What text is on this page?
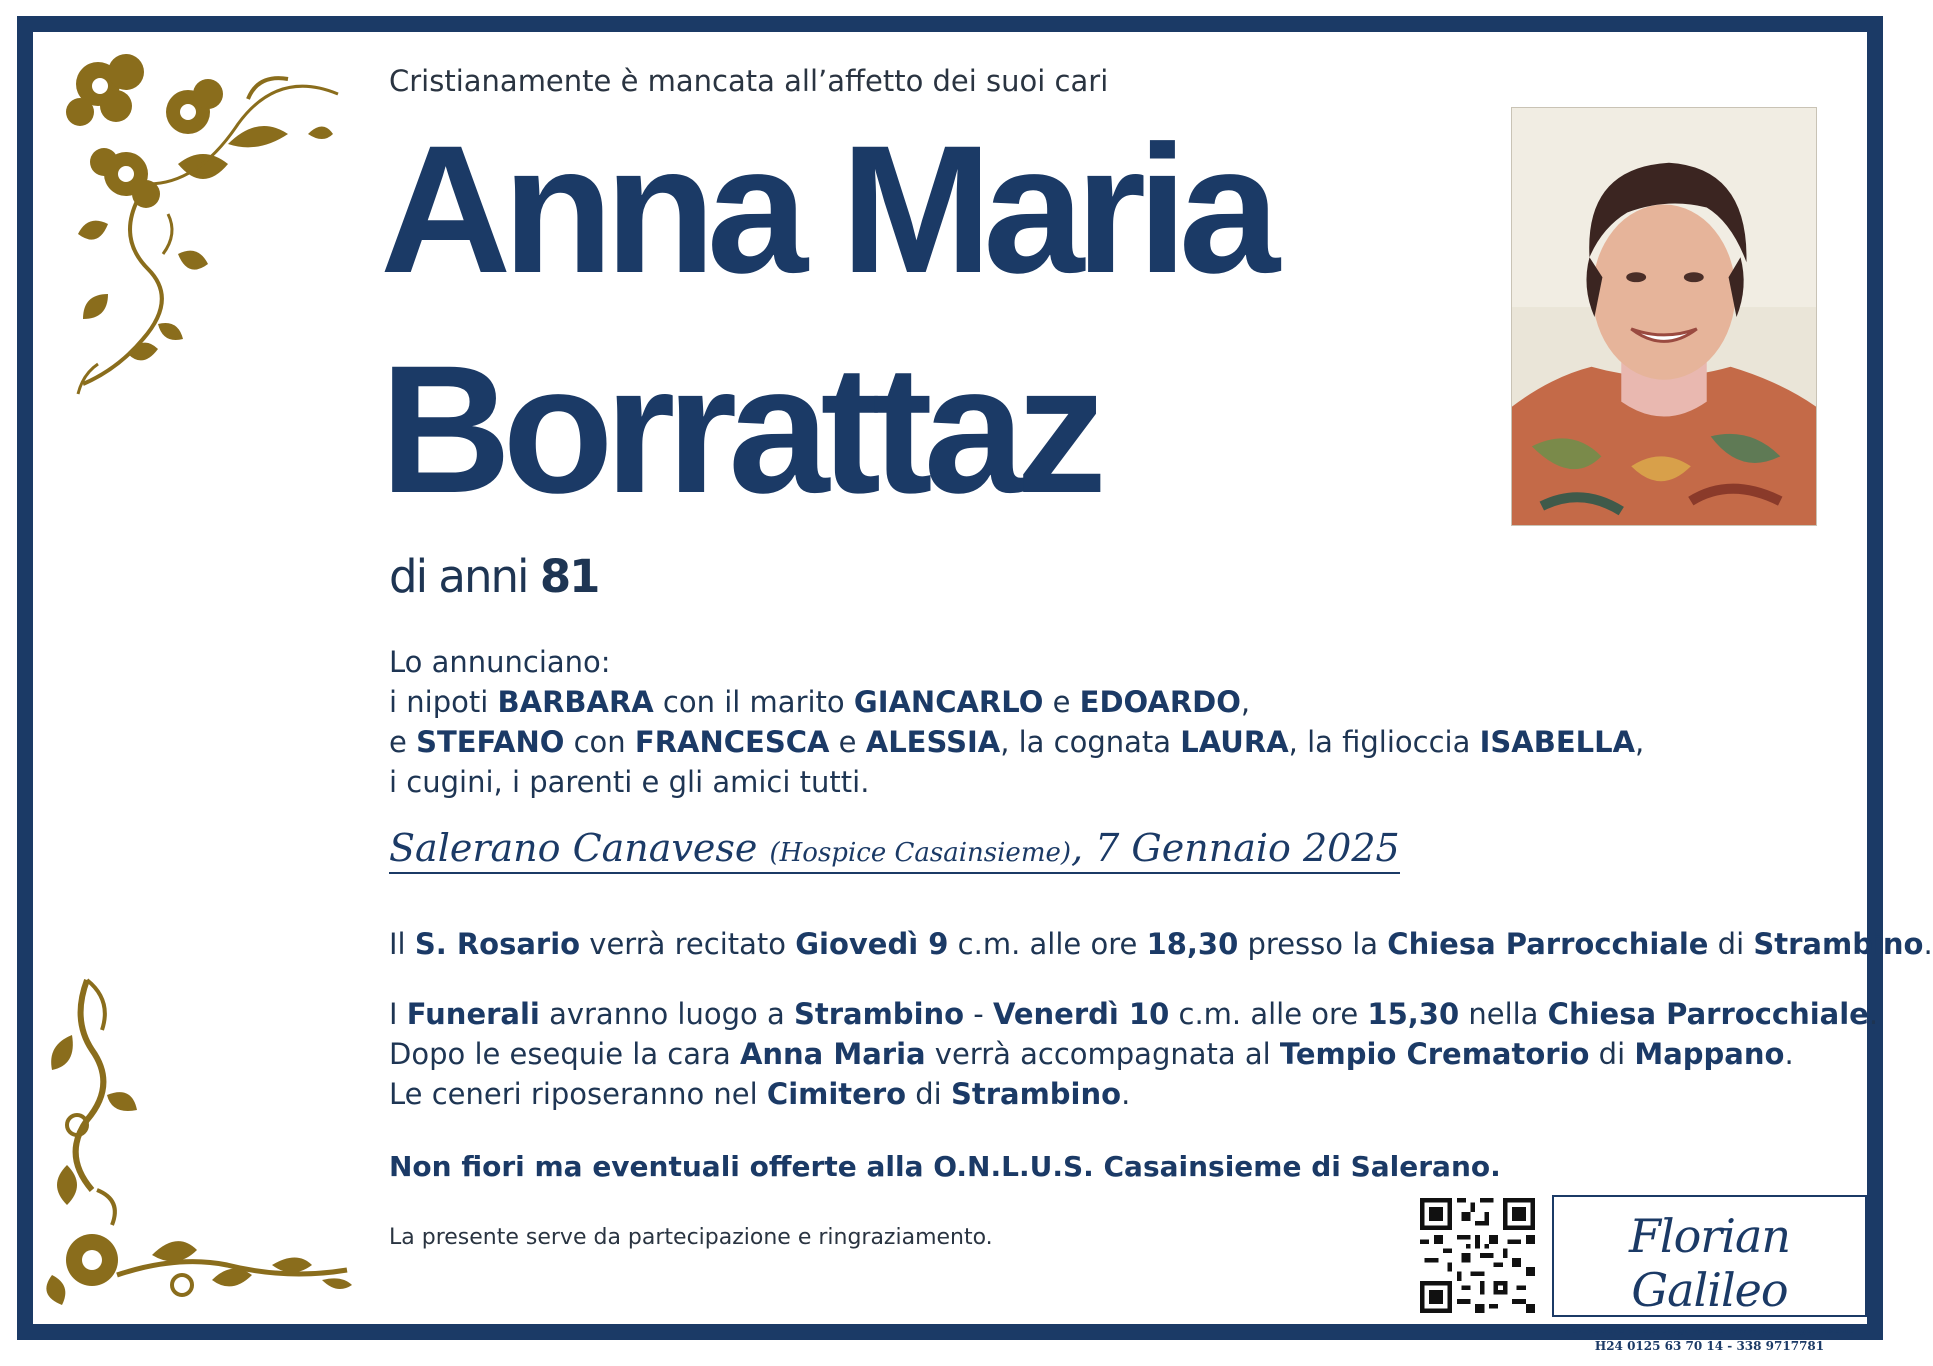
Cristianamente è mancata all’affetto dei suoi cari
Anna Maria
Borrattaz
di anni 81
Lo annunciano:
i nipoti BARBARA con il marito GIANCARLO e EDOARDO,
e STEFANO con FRANCESCA e ALESSIA, la cognata LAURA, la figlioccia ISABELLA,
i cugini, i parenti e gli amici tutti.
Salerano Canavese (Hospice Casainsieme), 7 Gennaio 2025
Il S. Rosario verrà recitato Giovedì 9 c.m. alle ore 18,30 presso la Chiesa Parrocchiale di Strambino.
I Funerali avranno luogo a Strambino - Venerdì 10 c.m. alle ore 15,30 nella Chiesa Parrocchiale.
Dopo le esequie la cara Anna Maria verrà accompagnata al Tempio Crematorio di Mappano.
Le ceneri riposeranno nel Cimitero di Strambino.
Non fiori ma eventuali offerte alla O.N.L.U.S. Casainsieme di Salerano.
La presente serve da partecipazione e ringraziamento.	Florian Galileo
Per vedere i necrologi vai su www.floriangalileo.it
H24 0125 63 70 14 - 338 9717781
